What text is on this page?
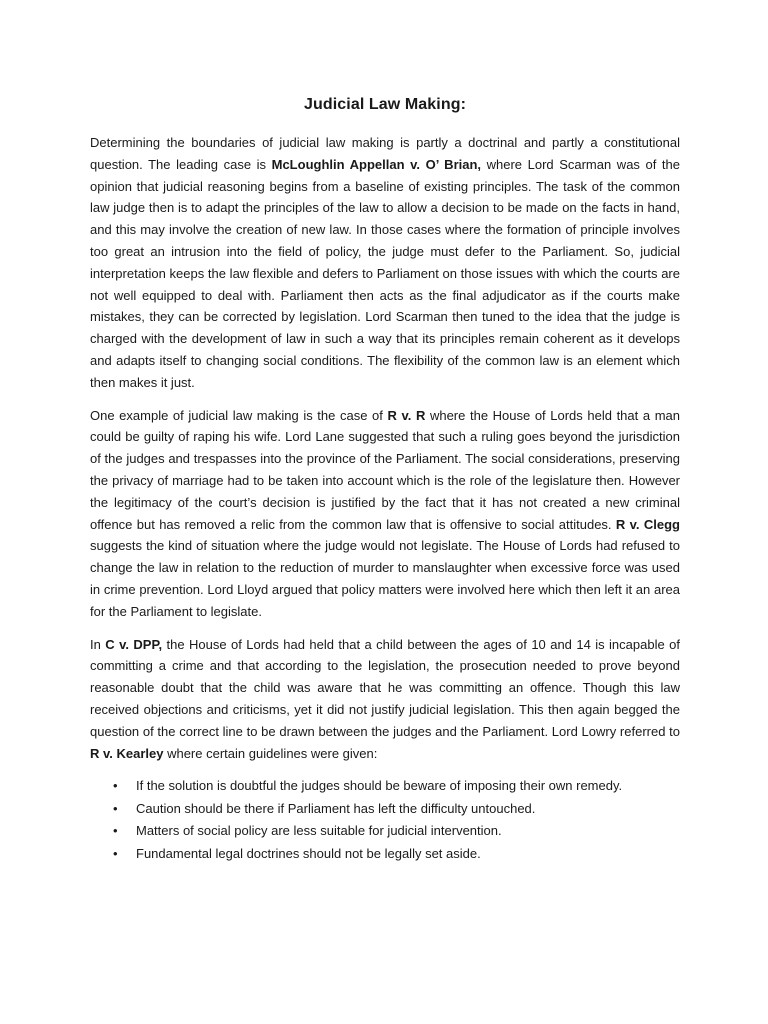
Judicial Law Making:

Determining the boundaries of judicial law making is partly a doctrinal and partly a constitutional question. The leading case is McLoughlin Appellan v. O’ Brian, where Lord Scarman was of the opinion that judicial reasoning begins from a baseline of existing principles. The task of the common law judge then is to adapt the principles of the law to allow a decision to be made on the facts in hand, and this may involve the creation of new law. In those cases where the formation of principle involves too great an intrusion into the field of policy, the judge must defer to the Parliament. So, judicial interpretation keeps the law flexible and defers to Parliament on those issues with which the courts are not well equipped to deal with. Parliament then acts as the final adjudicator as if the courts make mistakes, they can be corrected by legislation. Lord Scarman then tuned to the idea that the judge is charged with the development of law in such a way that its principles remain coherent as it develops and adapts itself to changing social conditions. The flexibility of the common law is an element which then makes it just.

One example of judicial law making is the case of R v. R where the House of Lords held that a man could be guilty of raping his wife. Lord Lane suggested that such a ruling goes beyond the jurisdiction of the judges and trespasses into the province of the Parliament. The social considerations, preserving the privacy of marriage had to be taken into account which is the role of the legislature then. However the legitimacy of the court’s decision is justified by the fact that it has not created a new criminal offence but has removed a relic from the common law that is offensive to social attitudes. R v. Clegg suggests the kind of situation where the judge would not legislate. The House of Lords had refused to change the law in relation to the reduction of murder to manslaughter when excessive force was used in crime prevention. Lord Lloyd argued that policy matters were involved here which then left it an area for the Parliament to legislate.

In C v. DPP, the House of Lords had held that a child between the ages of 10 and 14 is incapable of committing a crime and that according to the legislation, the prosecution needed to prove beyond reasonable doubt that the child was aware that he was committing an offence. Though this law received objections and criticisms, yet it did not justify judicial legislation. This then again begged the question of the correct line to be drawn between the judges and the Parliament. Lord Lowry referred to R v. Kearley where certain guidelines were given:

• If the solution is doubtful the judges should be beware of imposing their own remedy.
• Caution should be there if Parliament has left the difficulty untouched.
• Matters of social policy are less suitable for judicial intervention.
• Fundamental legal doctrines should not be legally set aside.
